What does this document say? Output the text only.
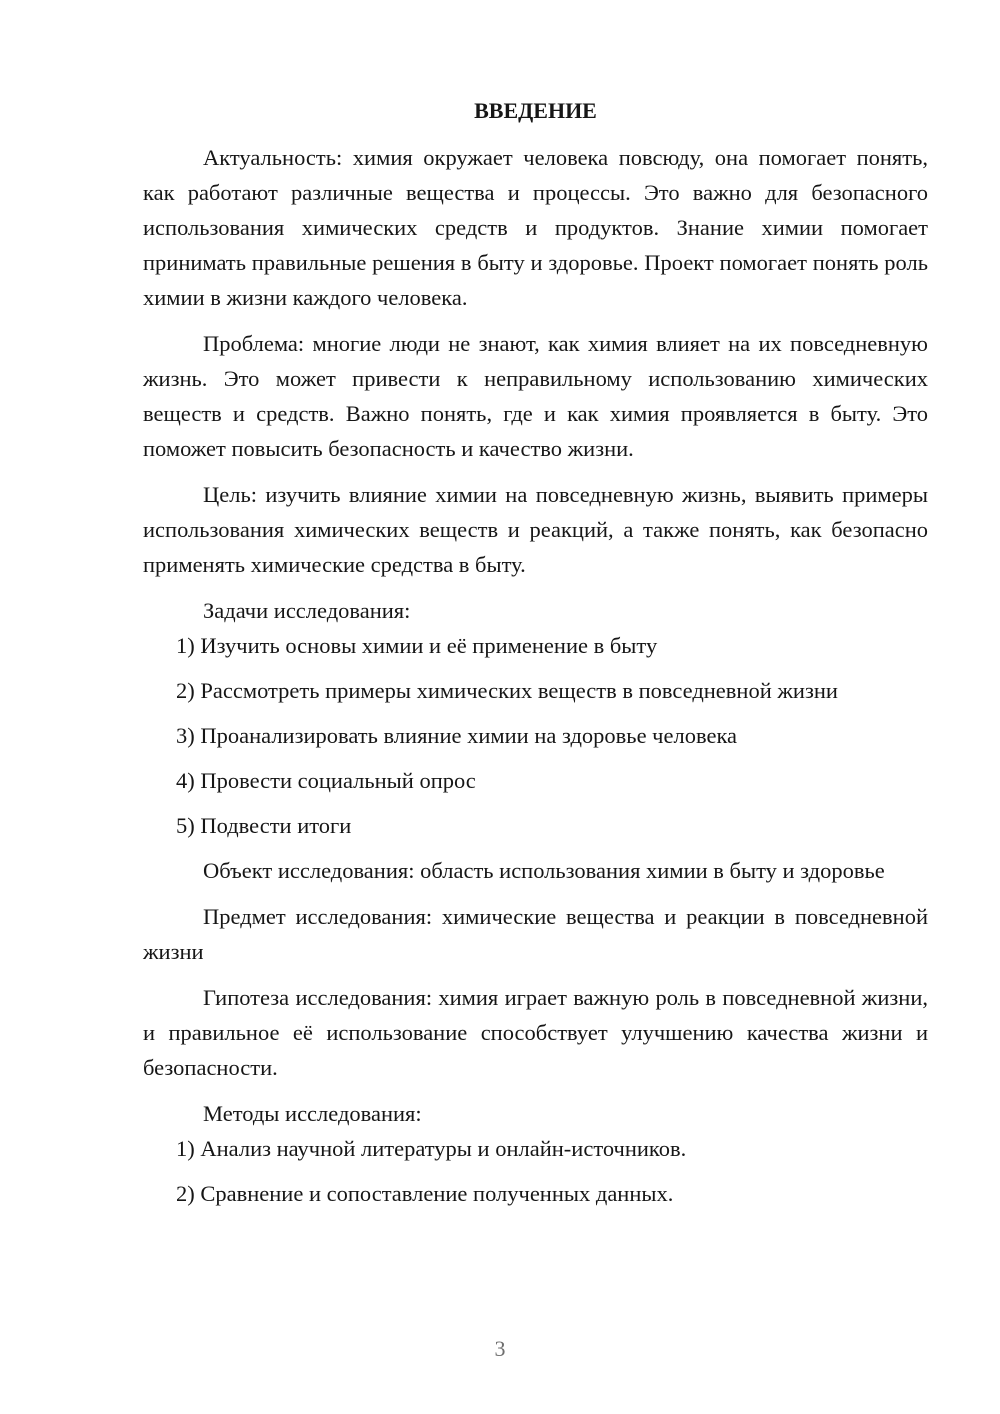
ВВЕДЕНИЕ

Актуальность: химия окружает человека повсюду, она помогает понять, как работают различные вещества и процессы. Это важно для безопасного использования химических средств и продуктов. Знание химии помогает принимать правильные решения в быту и здоровье. Проект помогает понять роль химии в жизни каждого человека.

Проблема: многие люди не знают, как химия влияет на их повседневную жизнь. Это может привести к неправильному использованию химических веществ и средств. Важно понять, где и как химия проявляется в быту. Это поможет повысить безопасность и качество жизни.

Цель: изучить влияние химии на повседневную жизнь, выявить примеры использования химических веществ и реакций, а также понять, как безопасно применять химические средства в быту.

Задачи исследования:

1) Изучить основы химии и её применение в быту
2) Рассмотреть примеры химических веществ в повседневной жизни
3) Проанализировать влияние химии на здоровье человека
4) Провести социальный опрос
5) Подвести итоги

Объект исследования: область использования химии в быту и здоровье

Предмет исследования: химические вещества и реакции в повседневной жизни

Гипотеза исследования: химия играет важную роль в повседневной жизни, и правильное её использование способствует улучшению качества жизни и безопасности.

Методы исследования:

1) Анализ научной литературы и онлайн-источников.
2) Сравнение и сопоставление полученных данных.
3
